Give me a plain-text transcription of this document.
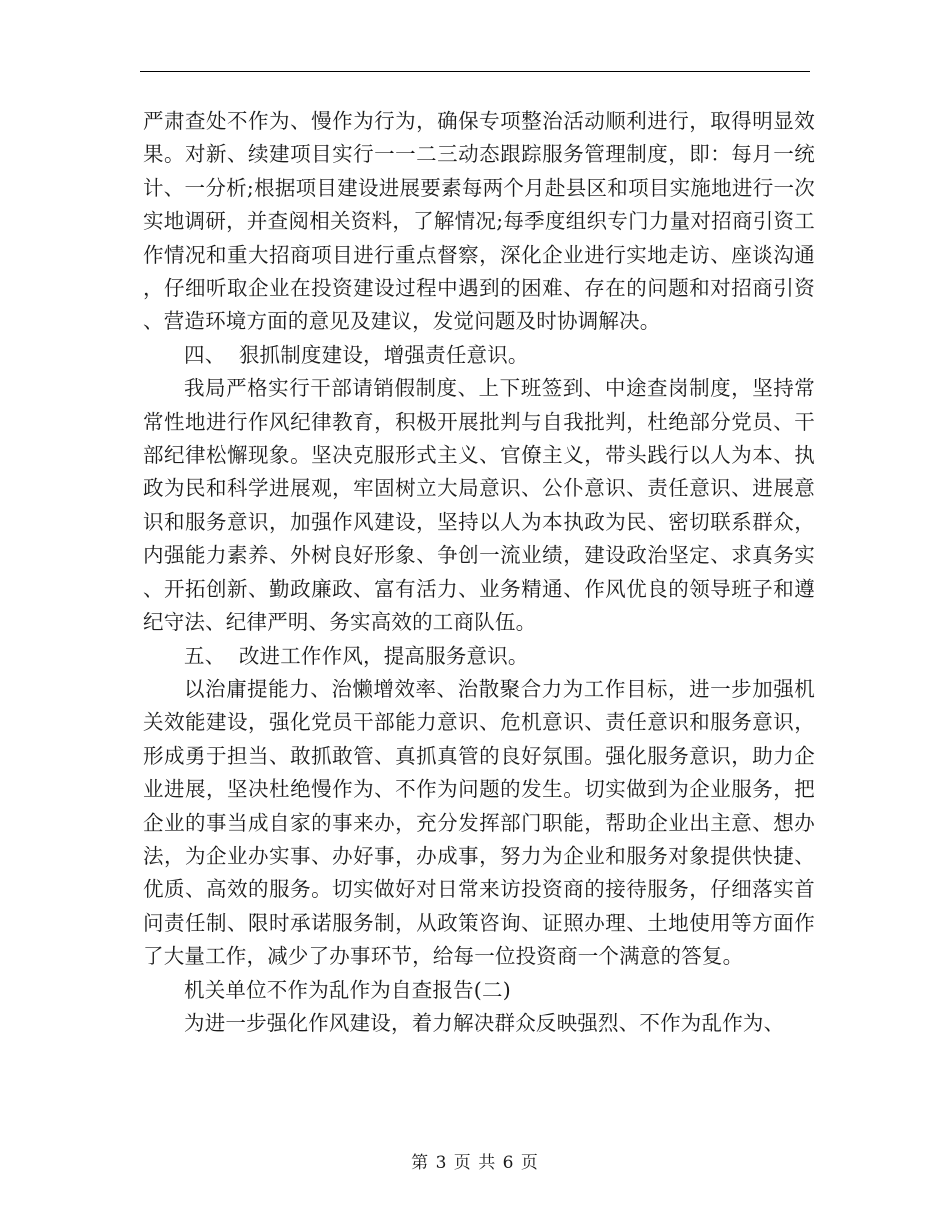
严肃查处不作为、慢作为行为，确保专项整治活动顺利进行，取得明显效果。对新、续建项目实行一一二三动态跟踪服务管理制度，即：每月一统计、一分析;根据项目建设进展要素每两个月赴县区和项目实施地进行一次实地调研，并查阅相关资料，了解情况;每季度组织专门力量对招商引资工作情况和重大招商项目进行重点督察，深化企业进行实地走访、座谈沟通，仔细听取企业在投资建设过程中遇到的困难、存在的问题和对招商引资、营造环境方面的意见及建议，发觉问题及时协调解决。

四、  狠抓制度建设，增强责任意识。

我局严格实行干部请销假制度、上下班签到、中途查岗制度，坚持常常性地进行作风纪律教育，积极开展批判与自我批判，杜绝部分党员、干部纪律松懈现象。坚决克服形式主义、官僚主义，带头践行以人为本、执政为民和科学进展观，牢固树立大局意识、公仆意识、责任意识、进展意识和服务意识，加强作风建设，坚持以人为本执政为民、密切联系群众，内强能力素养、外树良好形象、争创一流业绩，建设政治坚定、求真务实、开拓创新、勤政廉政、富有活力、业务精通、作风优良的领导班子和遵纪守法、纪律严明、务实高效的工商队伍。

五、  改进工作作风，提高服务意识。

以治庸提能力、治懒增效率、治散聚合力为工作目标，进一步加强机关效能建设，强化党员干部能力意识、危机意识、责任意识和服务意识，形成勇于担当、敢抓敢管、真抓真管的良好氛围。强化服务意识，助力企业进展，坚决杜绝慢作为、不作为问题的发生。切实做到为企业服务，把企业的事当成自家的事来办，充分发挥部门职能，帮助企业出主意、想办法，为企业办实事、办好事，办成事，努力为企业和服务对象提供快捷、优质、高效的服务。切实做好对日常来访投资商的接待服务，仔细落实首问责任制、限时承诺服务制，从政策咨询、证照办理、土地使用等方面作了大量工作，减少了办事环节，给每一位投资商一个满意的答复。

机关单位不作为乱作为自查报告(二)

为进一步强化作风建设，着力解决群众反映强烈、不作为乱作为、

第 3 页 共 6 页
